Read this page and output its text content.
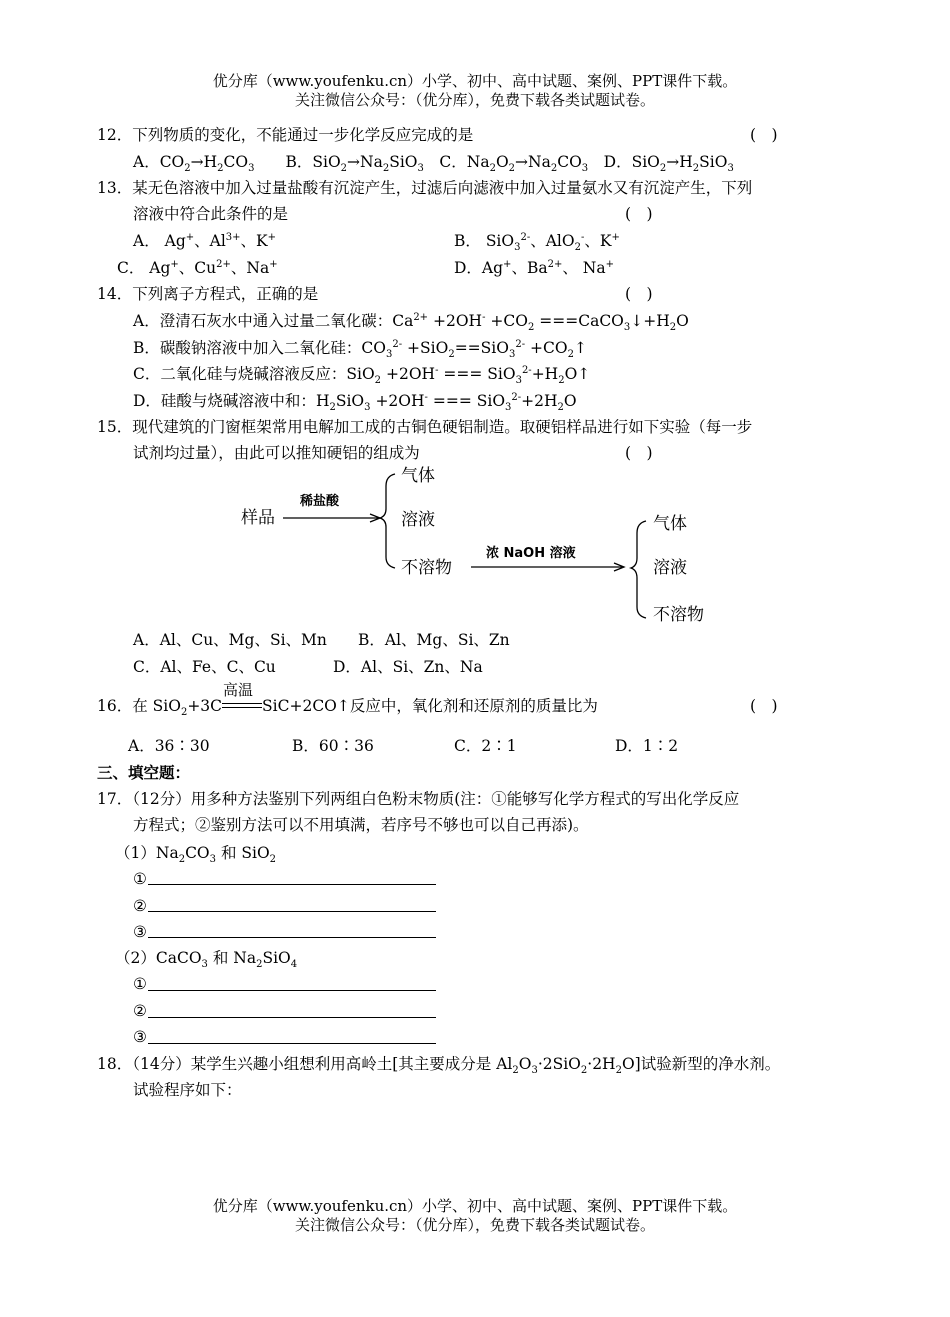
优分库（www.youfenku.cn）小学、初中、高中试题、案例、PPT课件下载。
关注微信公众号：（优分库），免费下载各类试题试卷。
12．下列物质的变化，不能通过一步化学反应完成的是	(　)
A．$CO_2\to H_2CO_3$　　B．$SiO_2\to Na_2SiO_3$　C．$Na_2O_2\to Na_2CO_3$　D．$SiO_2\to H_2SiO_3$
13．某无色溶液中加入过量盐酸有沉淀产生，过滤后向滤液中加入过量氨水又有沉淀产生，下列
溶液中符合此条件的是	(　)
A． Ag+、$Al^{3+}$、K+	B． SiO$_3^{2-}$、AlO$_2$-、K+
C． Ag+、$Cu^{2+}$、Na+	D．Ag+、$Ba^{2+}$、 Na+
14．下列离子方程式，正确的是	(　)
A．澄清石灰水中通入过量二氧化碳：$Ca^{2+} +2OH^- +CO_2$ $===CaCO_3↓+H_2O$
B．碳酸钠溶液中加入二氧化硅：$CO_3^{2-} +SiO_2==SiO_3^{2-}$ $+CO_2↑$
C．二氧化硅与烧碱溶液反应：SiO$_2$ +2OH- === $SiO_3^{2-}+H_2O↑$
D．硅酸与烧碱溶液中和：$H_2SiO_3 +2OH^-$ === $SiO_3^{2-}+2H_2O$
15．现代建筑的门窗框架常用电解加工成的古铜色硬铝制造。取硬铝样品进行如下实验（每一步
试剂均过量），由此可以推知硬铝的组成为	(　)
样品
稀盐酸
气体
溶液
不溶物
浓 NaOH 溶液
气体
溶液
不溶物
A．Al、Cu、Mg、Si、Mn B．Al、Mg、Si、Zn
C．Al、Fe、C、Cu	D．Al、Si、Zn、Na
16．在 SiO$_2$+3C
高温
SiC+2CO↑反应中，氧化剂和还原剂的质量比为	(　)
A．36∶30	B．60∶36	C．2∶1	D．1∶2
三、填空题：
17．（12分）用多种方法鉴别下列两组白色粉末物质(注：①能够写化学方程式的写出化学反应
方程式；②鉴别方法可以不用填满，若序号不够也可以自己再添)。
$(1)Na_2CO_3$ 和 SiO$_2$
①
②
③
（2）CaCO$_3$ 和 $Na_2SiO_4$
①
②
③
18．（14分）某学生兴趣小组想利用高岭土[其主要成分是 $Al_2O_3\cdot 2SiO_2\cdot 2H_2O$]试验新型的净水剂。
试验程序如下：
优分库（www.youfenku.cn）小学、初中、高中试题、案例、PPT课件下载。
关注微信公众号：（优分库），免费下载各类试题试卷。
